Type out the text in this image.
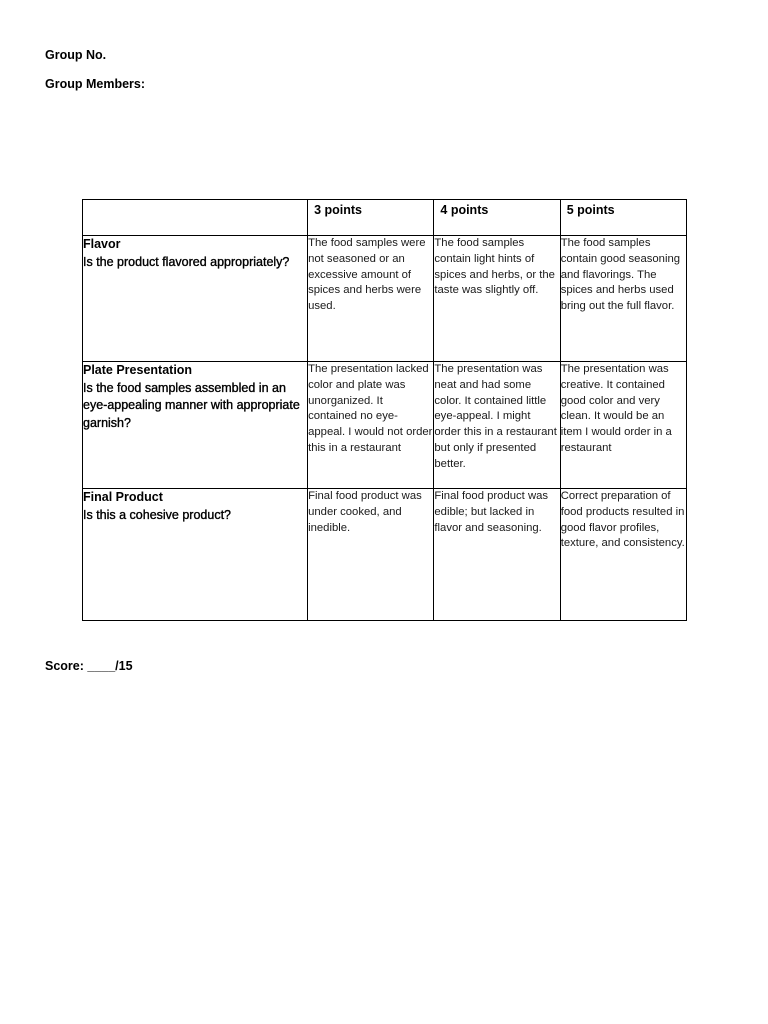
Group No.
Group Members:

	3 points	4 points	5 points

Flavor
Is the product flavored appropriately?	The food samples were not seasoned or an excessive amount of spices and herbs were used.	The food samples contain light hints of spices and herbs, or the taste was slightly off.	The food samples contain good seasoning and flavorings. The spices and herbs used bring out the full flavor.

Plate Presentation
Is the food samples assembled in an eye-appealing manner with appropriate garnish?	The presentation lacked color and plate was unorganized. It contained no eye-appeal. I would not order this in a restaurant	The presentation was neat and had some color. It contained little eye-appeal. I might order this in a restaurant but only if presented better.	The presentation was creative. It contained good color and very clean. It would be an item I would order in a restaurant

Final Product
Is this a cohesive product?	Final food product was under cooked, and inedible.	Final food product was edible; but lacked in flavor and seasoning.	Correct preparation of food products resulted in good flavor profiles, texture, and consistency.
Score: ____/15
